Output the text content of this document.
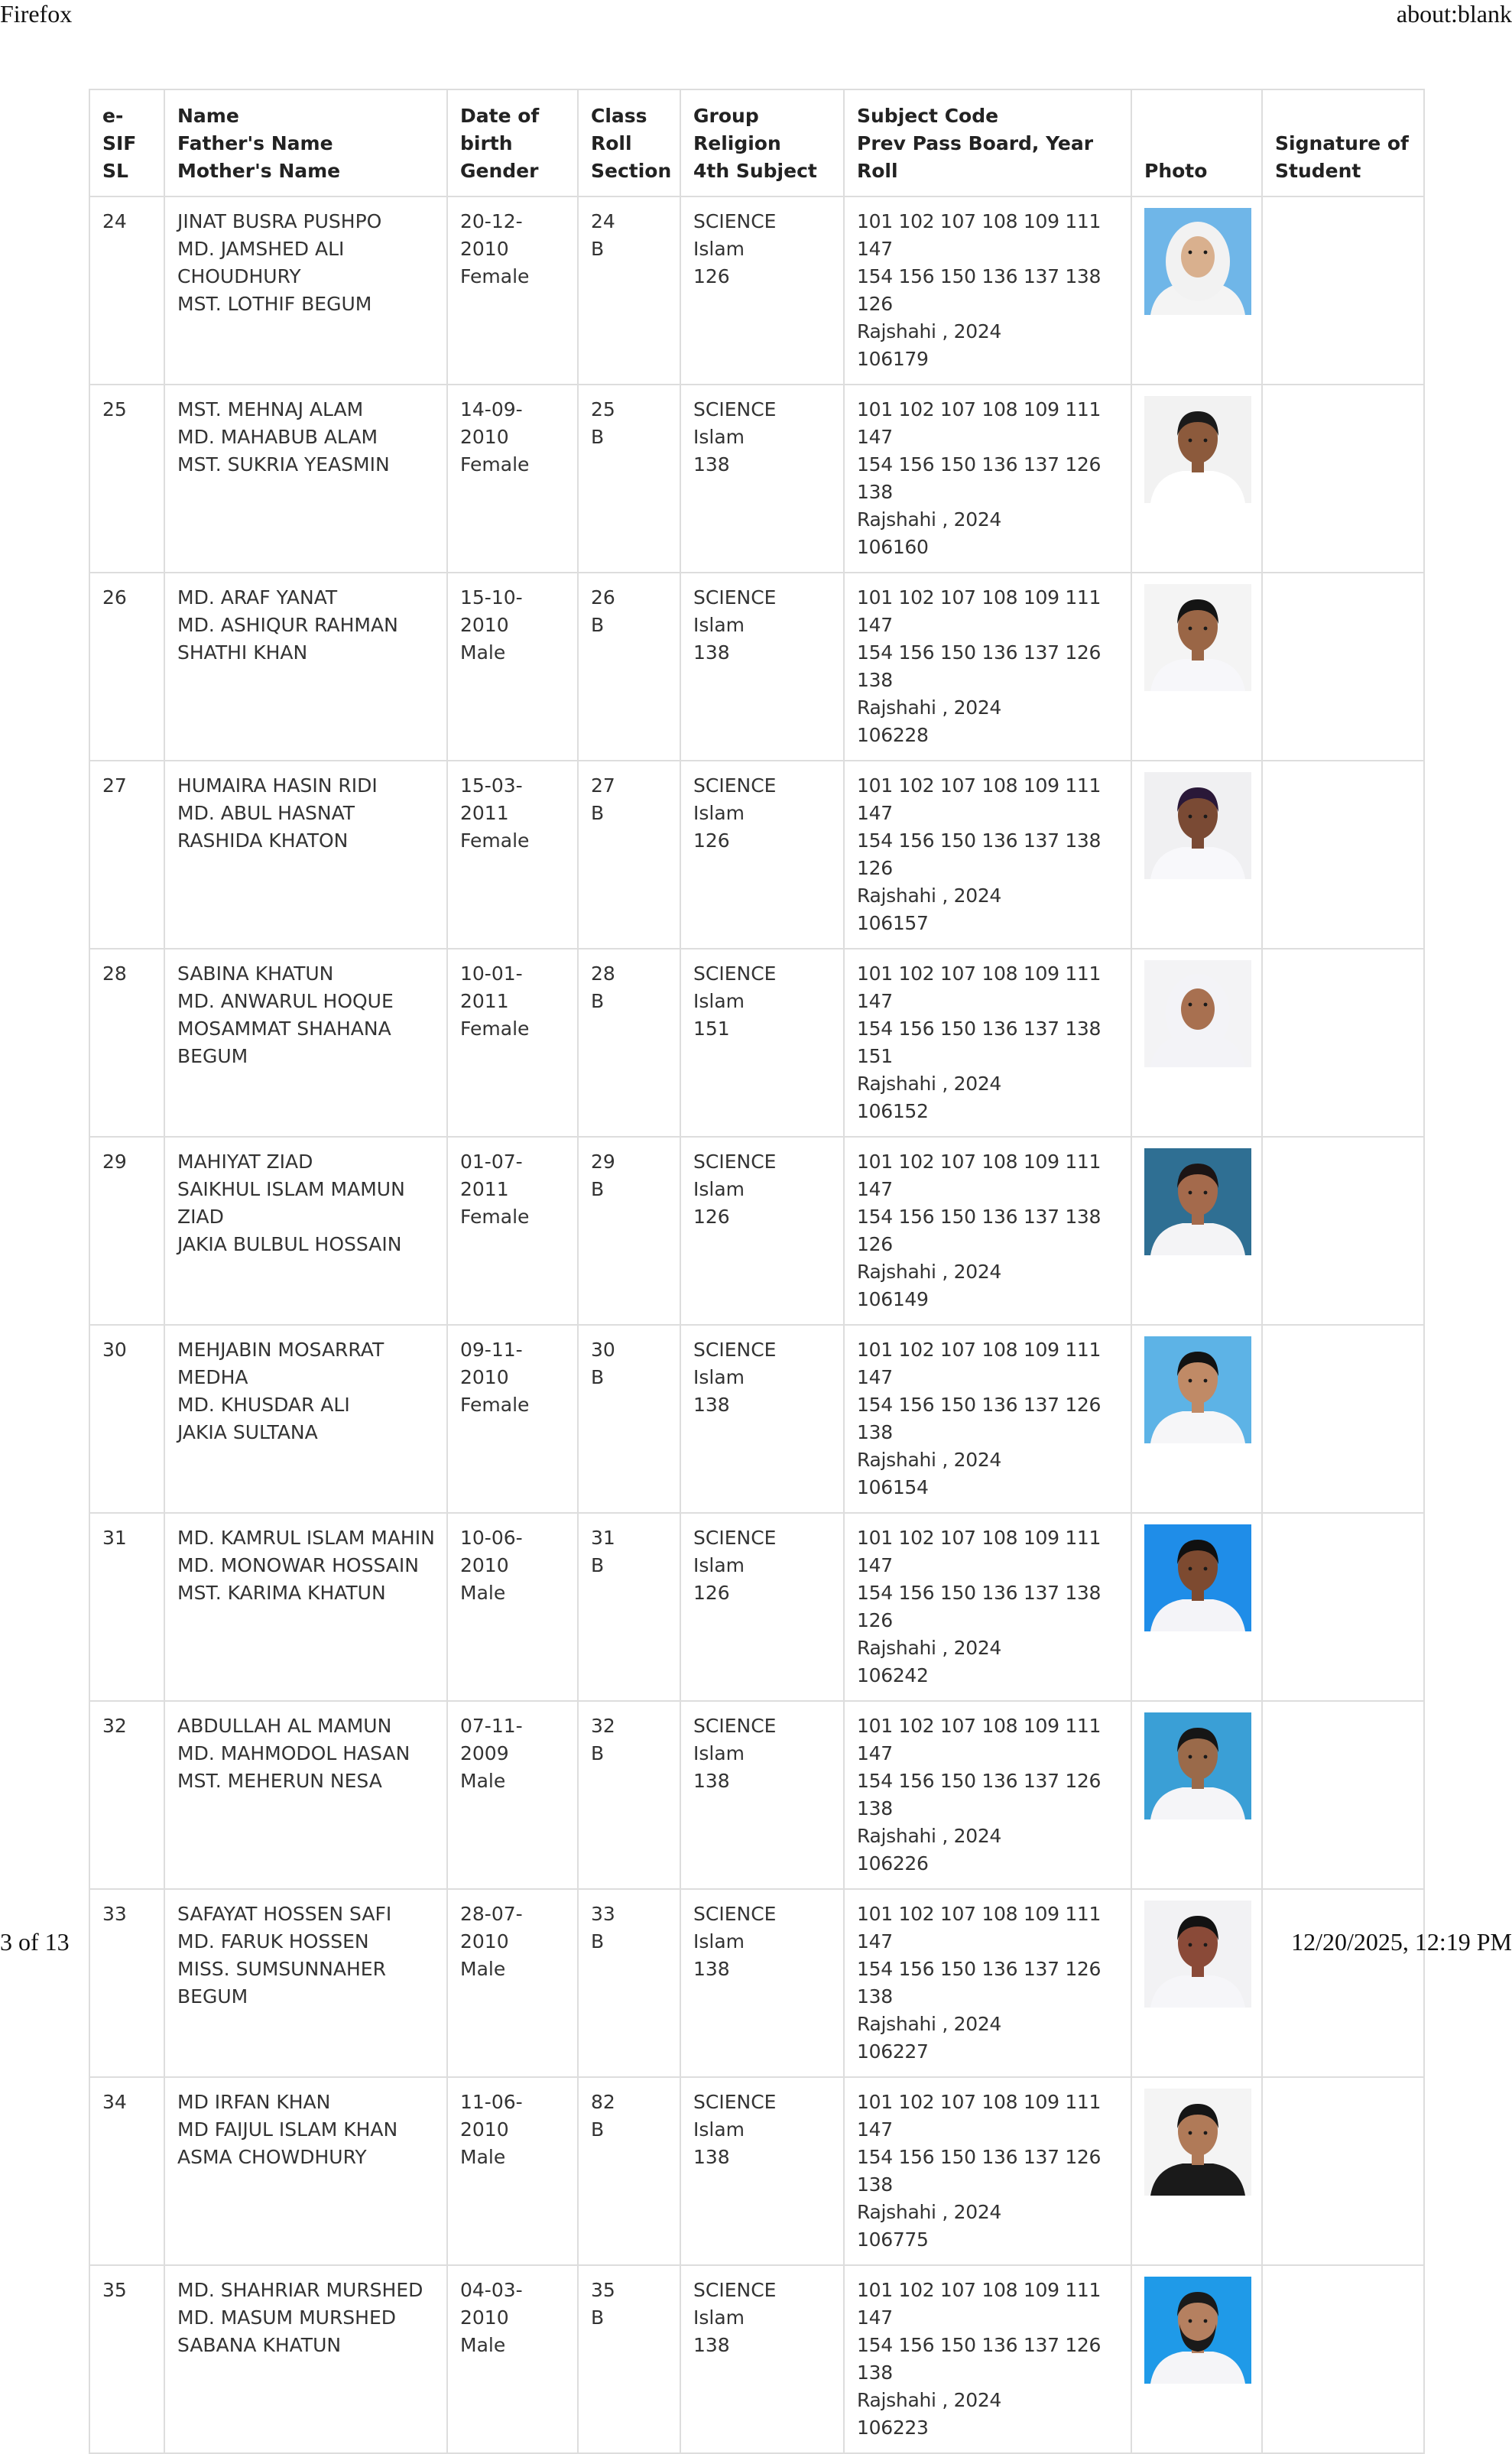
Firefox	about:blank
e-SIF
SL	Name
Father's Name
Mother's Name	Date of
birth
Gender	Class
Roll
Section	Group
Religion
4th Subject	Subject Code
Prev Pass Board, Year
Roll	Photo	Signature of
Student

24	JINAT BUSRA PUSHPO
MD. JAMSHED ALI CHOUDHURY
MST. LOTHIF BEGUM	20-12-2010
Female	24
B	SCIENCE
Islam
126	101 102 107 108 109 111 147
154 156 150 136 137 138 126
Rajshahi , 2024
106179

25	MST. MEHNAJ ALAM
MD. MAHABUB ALAM
MST. SUKRIA YEASMIN	14-09-2010
Female	25
B	SCIENCE
Islam
138	101 102 107 108 109 111 147
154 156 150 136 137 126 138
Rajshahi , 2024
106160

26	MD. ARAF YANAT
MD. ASHIQUR RAHMAN
SHATHI KHAN	15-10-2010
Male	26
B	SCIENCE
Islam
138	101 102 107 108 109 111 147
154 156 150 136 137 126 138
Rajshahi , 2024
106228

27	HUMAIRA HASIN RIDI
MD. ABUL HASNAT
RASHIDA KHATON	15-03-2011
Female	27
B	SCIENCE
Islam
126	101 102 107 108 109 111 147
154 156 150 136 137 138 126
Rajshahi , 2024
106157

28	SABINA KHATUN
MD. ANWARUL HOQUE
MOSAMMAT SHAHANA BEGUM	10-01-2011
Female	28
B	SCIENCE
Islam
151	101 102 107 108 109 111 147
154 156 150 136 137 138 151
Rajshahi , 2024
106152

29	MAHIYAT ZIAD
SAIKHUL ISLAM MAMUN ZIAD
JAKIA BULBUL HOSSAIN	01-07-2011
Female	29
B	SCIENCE
Islam
126	101 102 107 108 109 111 147
154 156 150 136 137 138 126
Rajshahi , 2024
106149

30	MEHJABIN MOSARRAT MEDHA
MD. KHUSDAR ALI
JAKIA SULTANA	09-11-2010
Female	30
B	SCIENCE
Islam
138	101 102 107 108 109 111 147
154 156 150 136 137 126 138
Rajshahi , 2024
106154

31	MD. KAMRUL ISLAM MAHIN
MD. MONOWAR HOSSAIN
MST. KARIMA KHATUN	10-06-2010
Male	31
B	SCIENCE
Islam
126	101 102 107 108 109 111 147
154 156 150 136 137 138 126
Rajshahi , 2024
106242

32	ABDULLAH AL MAMUN
MD. MAHMODOL HASAN
MST. MEHERUN NESA	07-11-2009
Male	32
B	SCIENCE
Islam
138	101 102 107 108 109 111 147
154 156 150 136 137 126 138
Rajshahi , 2024
106226

33	SAFAYAT HOSSEN SAFI
MD. FARUK HOSSEN
MISS. SUMSUNNAHER BEGUM	28-07-2010
Male	33
B	SCIENCE
Islam
138	101 102 107 108 109 111 147
154 156 150 136 137 126 138
Rajshahi , 2024
106227

34	MD IRFAN KHAN
MD FAIJUL ISLAM KHAN
ASMA CHOWDHURY	11-06-2010
Male	82
B	SCIENCE
Islam
138	101 102 107 108 109 111 147
154 156 150 136 137 126 138
Rajshahi , 2024
106775

35	MD. SHAHRIAR MURSHED
MD. MASUM MURSHED
SABANA KHATUN	04-03-2010
Male	35
B	SCIENCE
Islam
138	101 102 107 108 109 111 147
154 156 150 136 137 126 138
Rajshahi , 2024
106223

3 of 13	12/20/2025, 12:19 PM
